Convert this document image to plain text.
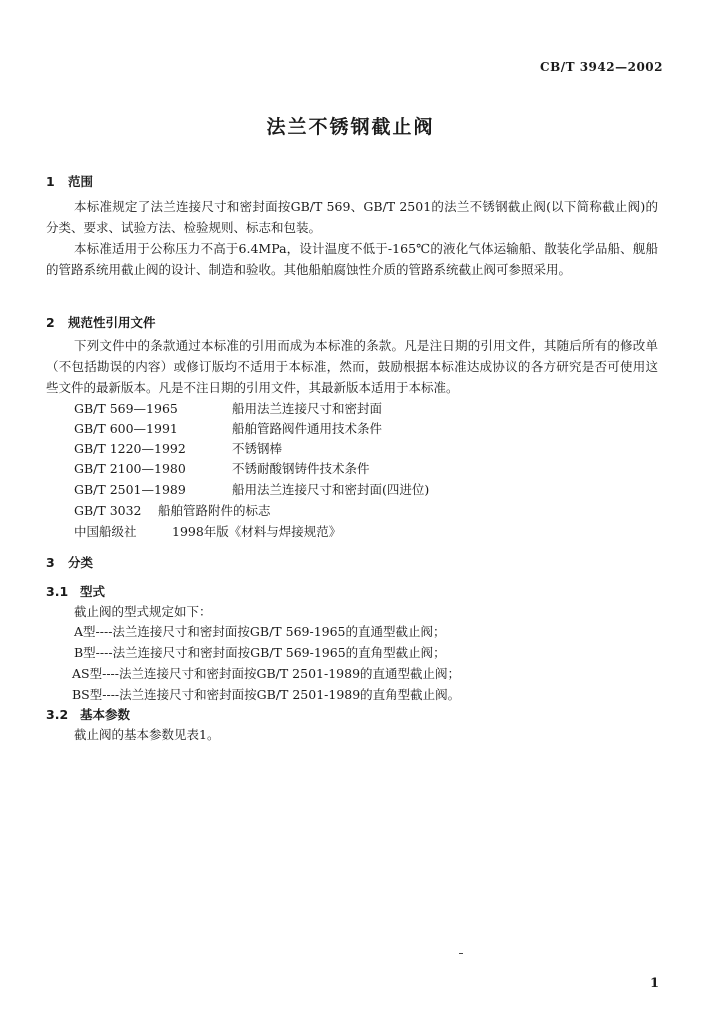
CB/T 3942—2002
法兰不锈钢截止阀
1 范围
本标准规定了法兰连接尺寸和密封面按GB/T 569、GB/T 2501的法兰不锈钢截止阀(以下简称截止阀)的分类、要求、试验方法、检验规则、标志和包装。
本标准适用于公称压力不高于6.4MPa，设计温度不低于-165℃的液化气体运输船、散装化学品船、舰船的管路系统用截止阀的设计、制造和验收。其他船舶腐蚀性介质的管路系统截止阀可参照采用。
2 规范性引用文件
下列文件中的条款通过本标准的引用而成为本标准的条款。凡是注日期的引用文件，其随后所有的修改单（不包括勘误的内容）或修订版均不适用于本标准，然而，鼓励根据本标准达成协议的各方研究是否可使用这些文件的最新版本。凡是不注日期的引用文件，其最新版本适用于本标准。
GB/T 569—1965	船用法兰连接尺寸和密封面
GB/T 600—1991	船舶管路阀件通用技术条件
GB/T 1220—1992	不锈钢棒
GB/T 2100—1980	不锈耐酸钢铸件技术条件
GB/T 2501—1989	船用法兰连接尺寸和密封面(四进位)
GB/T 3032 船舶管路附件的标志
中国船级社	1998年版《材料与焊接规范》
3 分类
3.1 型式
截止阀的型式规定如下：
A型----法兰连接尺寸和密封面按GB/T 569-1965的直通型截止阀；
B型----法兰连接尺寸和密封面按GB/T 569-1965的直角型截止阀；
AS型----法兰连接尺寸和密封面按GB/T 2501-1989的直通型截止阀；
BS型----法兰连接尺寸和密封面按GB/T 2501-1989的直角型截止阀。
3.2 基本参数
截止阀的基本参数见表1。
1
